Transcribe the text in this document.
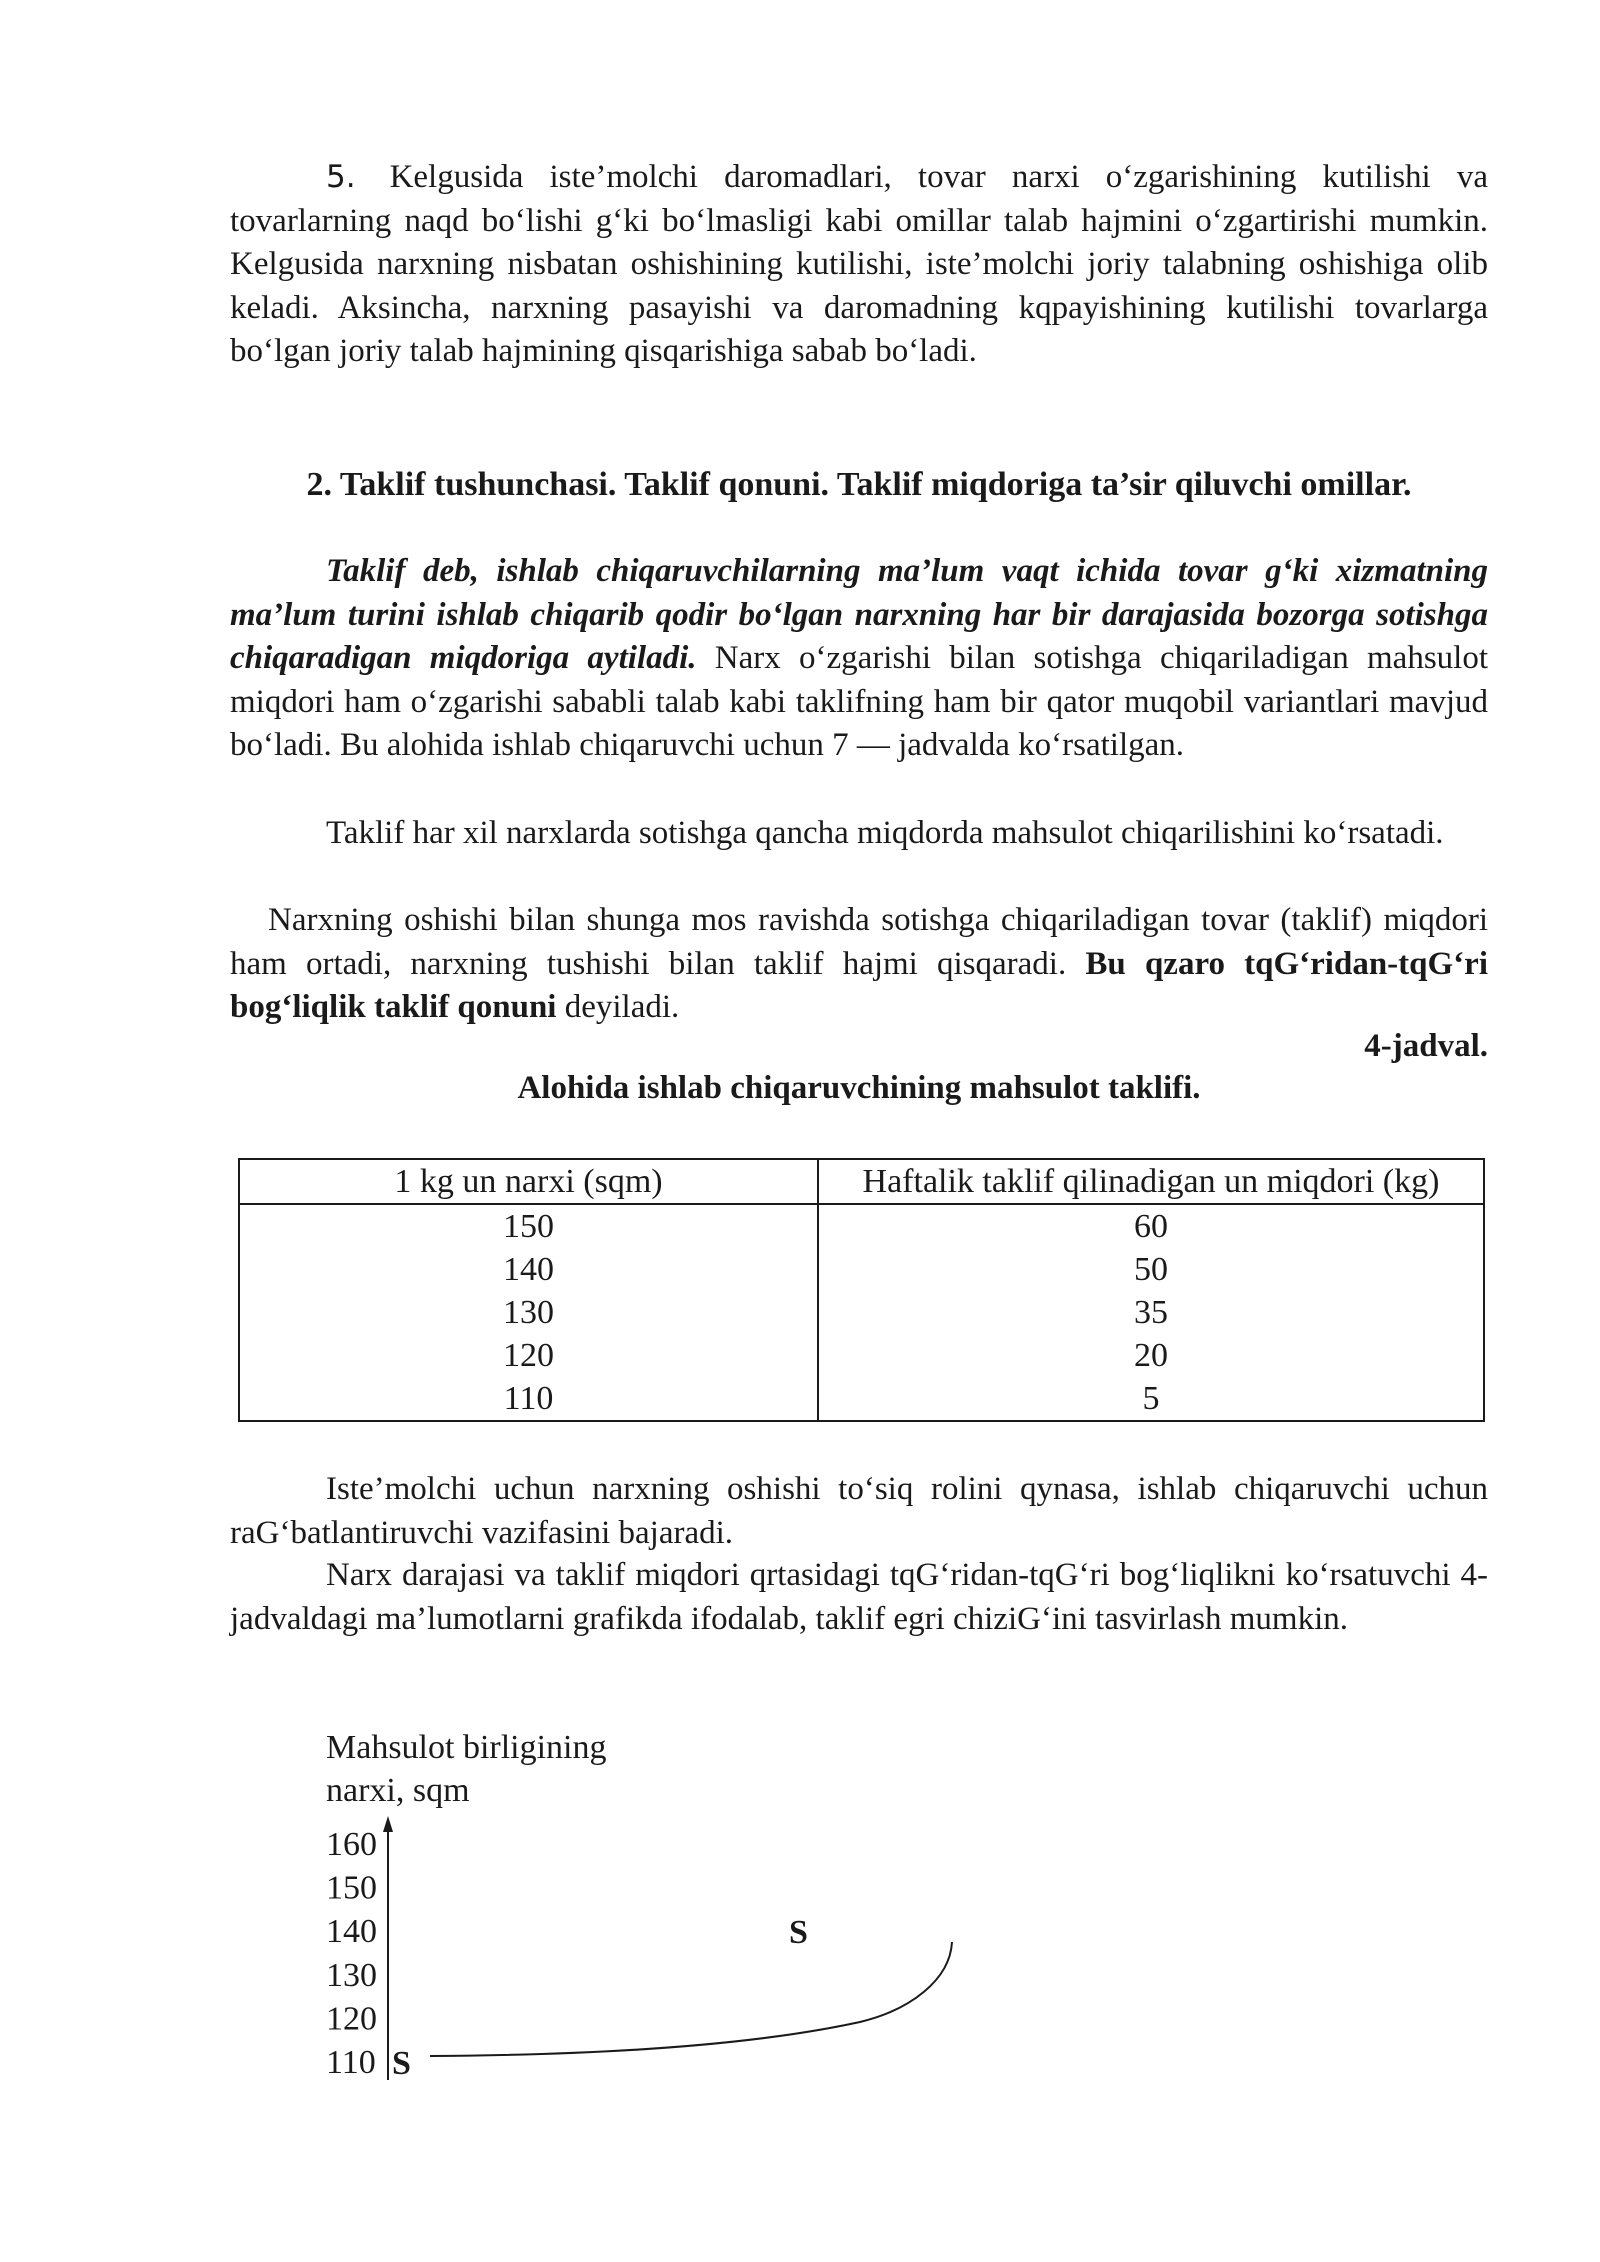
5. Kelgusida iste’molchi daromadlari, tovar narxi o‘zgarishining kutilishi va tovarlarning naqd bo‘lishi g‘ki bo‘lmasligi kabi omillar talab hajmini o‘zgartirishi mumkin. Kelgusida narxning nisbatan oshishining kutilishi, iste’molchi joriy talabning oshishiga olib keladi. Aksincha, narxning pasayishi va daromadning kqpayishining kutilishi tovarlarga bo‘lgan joriy talab hajmining qisqarishiga sabab bo‘ladi.

2. Taklif tushunchasi. Taklif qonuni. Taklif miqdoriga ta’sir qiluvchi omillar.

Taklif deb, ishlab chiqaruvchilarning ma’lum vaqt ichida tovar g‘ki xizmatning ma’lum turini ishlab chiqarib qodir bo‘lgan narxning har bir darajasida bozorga sotishga chiqaradigan miqdoriga aytiladi. Narx o‘zgarishi bilan sotishga chiqariladigan mahsulot miqdori ham o‘zgarishi sababli talab kabi taklifning ham bir qator muqobil variantlari mavjud bo‘ladi. Bu alohida ishlab chiqaruvchi uchun 7 — jadvalda ko‘rsatilgan.

Taklif har xil narxlarda sotishga qancha miqdorda mahsulot chiqarilishini ko‘rsatadi.

Narxning oshishi bilan shunga mos ravishda sotishga chiqariladigan tovar (taklif) miqdori ham ortadi, narxning tushishi bilan taklif hajmi qisqaradi. Bu qzaro tqG‘ridan-tqG‘ri bog‘liqlik taklif qonuni deyiladi.

4-jadval.

Alohida ishlab chiqaruvchining mahsulot taklifi.

1 kg un narxi (sqm)	Haftalik taklif qilinadigan un miqdori (kg)
150	60
140	50
130	35
120	20
110	5

Iste’molchi uchun narxning oshishi to‘siq rolini qynasa, ishlab chiqaruvchi uchun raG‘batlantiruvchi vazifasini bajaradi.

Narx darajasi va taklif miqdori qrtasidagi tqG‘ridan-tqG‘ri bog‘liqlikni ko‘rsatuvchi 4-jadvaldagi ma’lumotlarni grafikda ifodalab, taklif egri chiziG‘ini tasvirlash mumkin.

Mahsulot birligining

narxi, sqm

160
150
140
130
120
110 S
S
